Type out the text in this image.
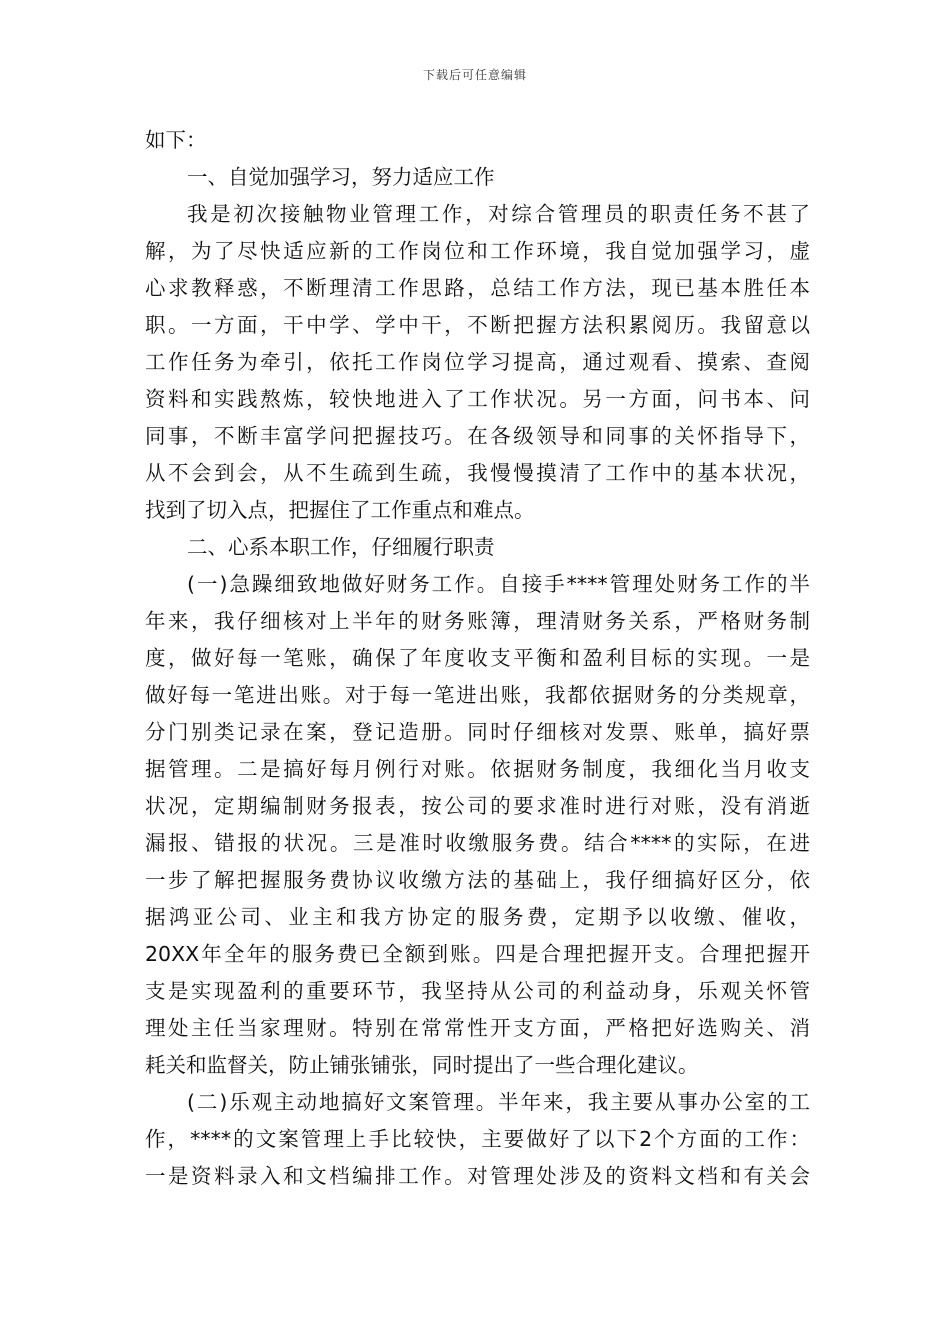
下载后可任意编辑
如下：
一、自觉加强学习，努力适应工作
我是初次接触物业管理工作，对综合管理员的职责任务不甚了
解，为了尽快适应新的工作岗位和工作环境，我自觉加强学习，虚
心求教释惑，不断理清工作思路，总结工作方法，现已基本胜任本
职。一方面，干中学、学中干，不断把握方法积累阅历。我留意以
工作任务为牵引，依托工作岗位学习提高，通过观看、摸索、查阅
资料和实践熬炼，较快地进入了工作状况。另一方面，问书本、问
同事，不断丰富学问把握技巧。在各级领导和同事的关怀指导下，
从不会到会，从不生疏到生疏，我慢慢摸清了工作中的基本状况，
找到了切入点，把握住了工作重点和难点。
二、心系本职工作，仔细履行职责
(一)急躁细致地做好财务工作。自接手****管理处财务工作的半
年来，我仔细核对上半年的财务账簿，理清财务关系，严格财务制
度，做好每一笔账，确保了年度收支平衡和盈利目标的实现。一是
做好每一笔进出账。对于每一笔进出账，我都依据财务的分类规章，
分门别类记录在案，登记造册。同时仔细核对发票、账单，搞好票
据管理。二是搞好每月例行对账。依据财务制度，我细化当月收支
状况，定期编制财务报表，按公司的要求准时进行对账，没有消逝
漏报、错报的状况。三是准时收缴服务费。结合****的实际，在进
一步了解把握服务费协议收缴方法的基础上，我仔细搞好区分，依
据鸿亚公司、业主和我方协定的服务费，定期予以收缴、催收，
20XX年全年的服务费已全额到账。四是合理把握开支。合理把握开
支是实现盈利的重要环节，我坚持从公司的利益动身，乐观关怀管
理处主任当家理财。特别在常常性开支方面，严格把好选购关、消
耗关和监督关，防止铺张铺张，同时提出了一些合理化建议。
(二)乐观主动地搞好文案管理。半年来，我主要从事办公室的工
作，****的文案管理上手比较快，主要做好了以下2个方面的工作：
一是资料录入和文档编排工作。对管理处涉及的资料文档和有关会
